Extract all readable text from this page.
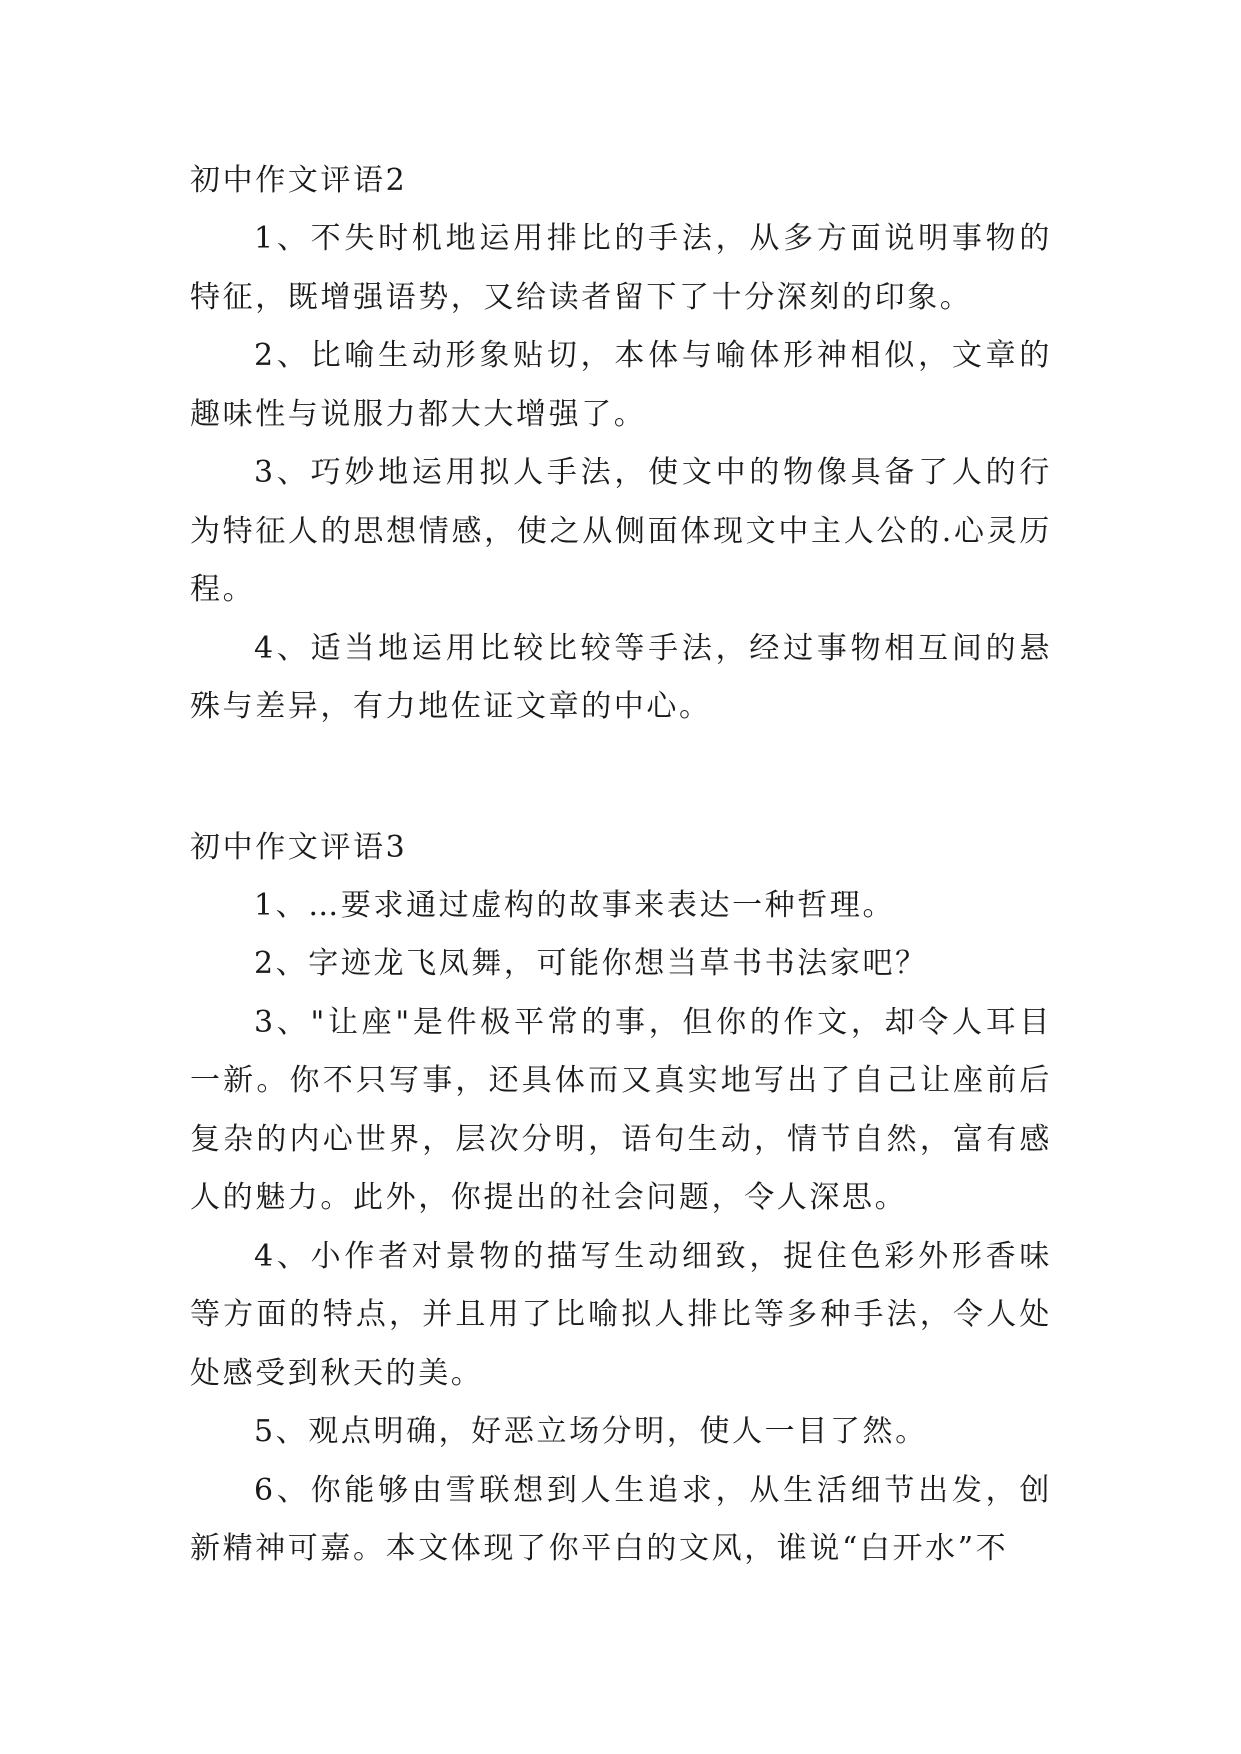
初中作文评语2

1、不失时机地运用排比的手法，从多方面说明事物的特征，既增强语势，又给读者留下了十分深刻的印象。

2、比喻生动形象贴切，本体与喻体形神相似，文章的趣味性与说服力都大大增强了。

3、巧妙地运用拟人手法，使文中的物像具备了人的行为特征人的思想情感，使之从侧面体现文中主人公的.心灵历程。

4、适当地运用比较比较等手法，经过事物相互间的悬殊与差异，有力地佐证文章的中心。

初中作文评语3

1、…要求通过虚构的故事来表达一种哲理。

2、字迹龙飞凤舞，可能你想当草书书法家吧？

3、"让座"是件极平常的事，但你的作文，却令人耳目一新。你不只写事，还具体而又真实地写出了自己让座前后复杂的内心世界，层次分明，语句生动，情节自然，富有感人的魅力。此外，你提出的社会问题，令人深思。

4、小作者对景物的描写生动细致，捉住色彩外形香味等方面的特点，并且用了比喻拟人排比等多种手法，令人处处感受到秋天的美。

5、观点明确，好恶立场分明，使人一目了然。

6、你能够由雪联想到人生追求，从生活细节出发，创新精神可嘉。本文体现了你平白的文风，谁说“白开水”不
